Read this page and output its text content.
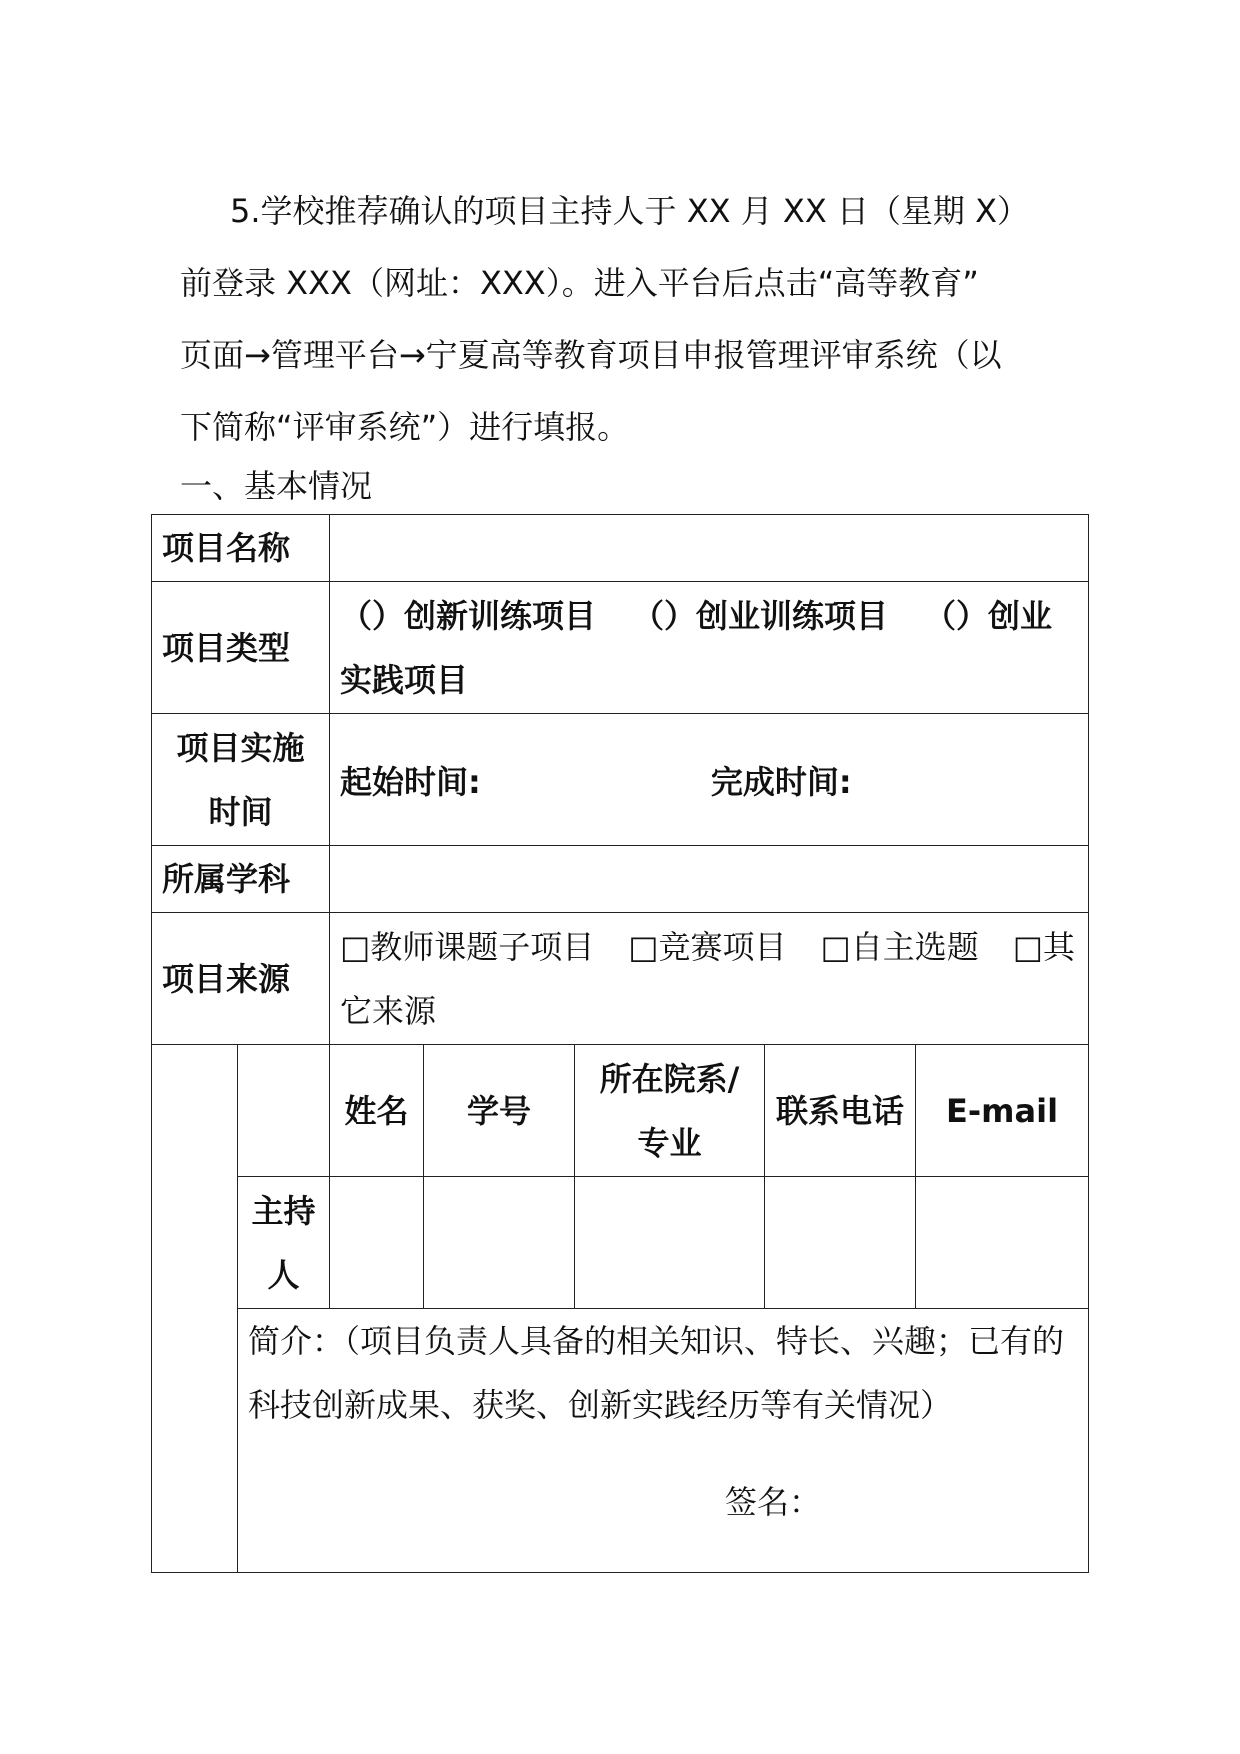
5.学校推荐确认的项目主持人于 XX 月 XX 日（星期 X）
前登录 XXX（网址：XXX）。进入平台后点击“高等教育”
页面→管理平台→宁夏高等教育项目申报管理评审系统（以
下简称“评审系统”）进行填报。
一、基本情况
项目名称						
项目类型		（）创新训练项目 （）创业训练项目 （）创业实践项目				
项目实施时间		起始时间: 完成时间:				
所属学科						
项目来源		□教师课题子项目 □竞赛项目 □自主选题 □其它来源				
		姓名	学号	所在院系/专业	联系电话	E-mail
	主持人					

	简介：（项目负责人具备的相关知识、特长、兴趣；已有的科技创新成果、获奖、创新实践经历等有关情况）
签名：					
